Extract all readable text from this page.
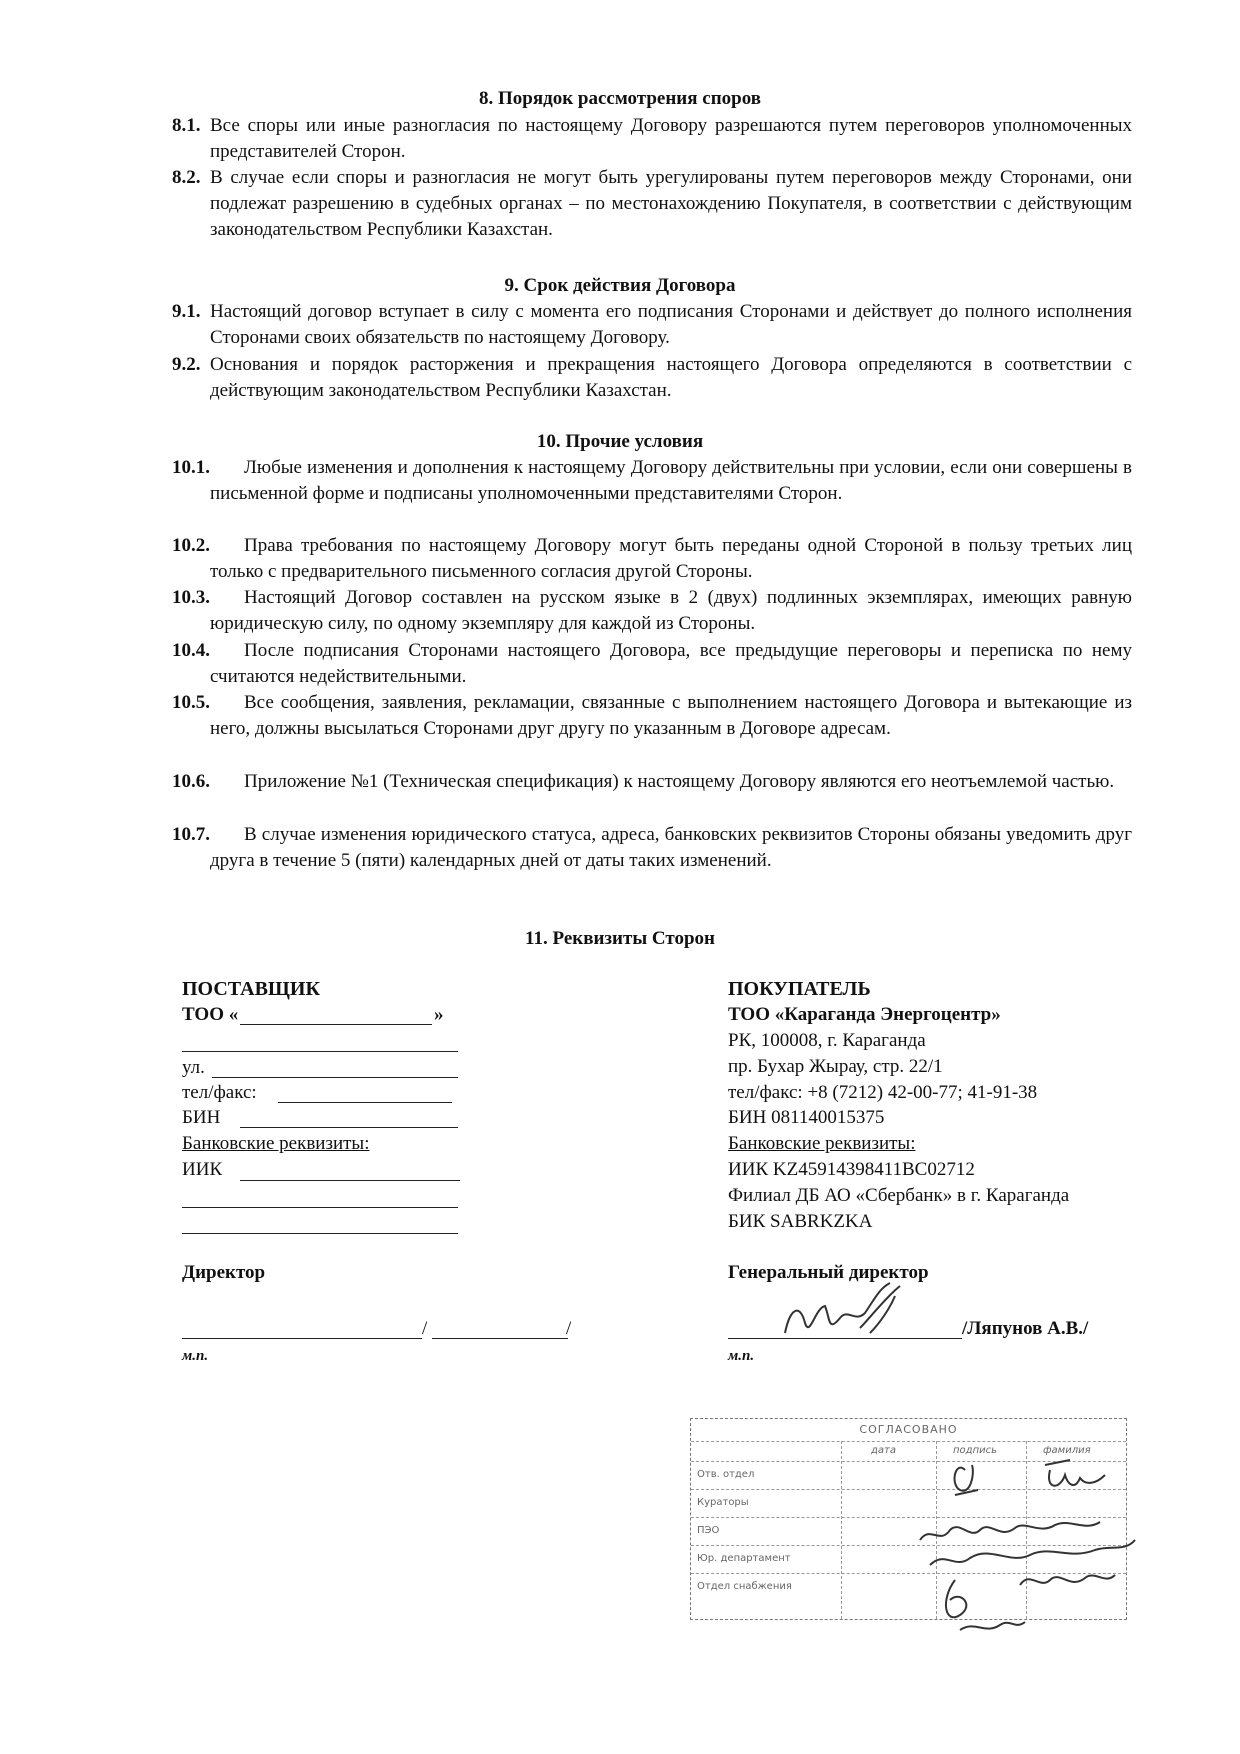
8. Порядок рассмотрения споров
8.1. Все споры или иные разногласия по настоящему Договору разрешаются путем переговоров уполномоченных представителей Сторон.
8.2. В случае если споры и разногласия не могут быть урегулированы путем переговоров между Сторонами, они подлежат разрешению в судебных органах – по местонахождению Покупателя, в соответствии с действующим законодательством Республики Казахстан.
9. Срок действия Договора
9.1. Настоящий договор вступает в силу с момента его подписания Сторонами и действует до полного исполнения Сторонами своих обязательств по настоящему Договору.
9.2. Основания и порядок расторжения и прекращения настоящего Договора определяются в соответствии с действующим законодательством Республики Казахстан.
10. Прочие условия
10.1.	Любые изменения и дополнения к настоящему Договору действительны при условии, если они совершены в письменной форме и подписаны уполномоченными представителями Сторон.
10.2.	Права требования по настоящему Договору могут быть переданы одной Стороной в пользу третьих лиц только с предварительного письменного согласия другой Стороны.
10.3.	Настоящий Договор составлен на русском языке в 2 (двух) подлинных экземплярах, имеющих равную юридическую силу, по одному экземпляру для каждой из Стороны.
10.4.	После подписания Сторонами настоящего Договора, все предыдущие переговоры и переписка по нему считаются недействительными.
10.5.	Все сообщения, заявления, рекламации, связанные с выполнением настоящего Договора и вытекающие из него, должны высылаться Сторонами друг другу по указанным в Договоре адресам.
10.6.	Приложение №1 (Техническая спецификация) к настоящему Договору являются его неотъемлемой частью.
10.7.	В случае изменения юридического статуса, адреса, банковских реквизитов Стороны обязаны уведомить друг друга в течение 5 (пяти) календарных дней от даты таких изменений.
11. Реквизиты Сторон
ПОСТАВЩИК
ТОО «	»
ул.
тел/факс:
БИН
Банковские реквизиты:
ИИК
Директор
/	/
м.п.
ПОКУПАТЕЛЬ
ТОО «Караганда Энергоцентр»
РК, 100008, г. Караганда
пр. Бухар Жырау, стр. 22/1
тел/факс: +8 (7212) 42-00-77; 41-91-38
БИН 081140015375
Банковские реквизиты:
ИИК KZ45914398411BC02712
Филиал ДБ АО «Сбербанк» в г. Караганда
БИК SABRKZKA
Генеральный директор
/Ляпунов А.В./
м.п.
СОГЛАСОВАНО
дата	подпись	фамилия
Отв. отдел
Кураторы
ПЭО
Юр. департамент
Отдел снабжения
